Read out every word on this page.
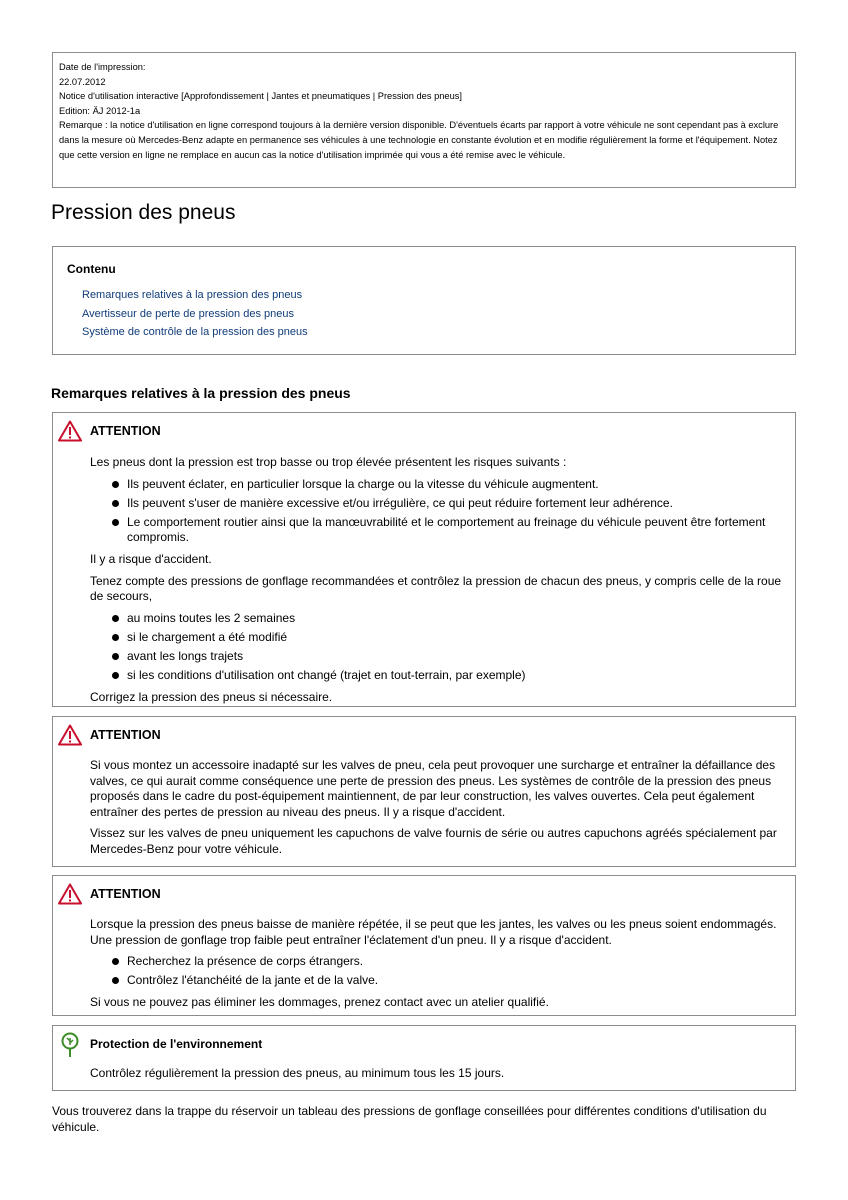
Date de l'impression:

22.07.2012

Notice d'utilisation interactive [Approfondissement | Jantes et pneumatiques | Pression des pneus]

Edition: ÄJ 2012-1a

Remarque : la notice d'utilisation en ligne correspond toujours à la dernière version disponible. D'éventuels écarts par rapport à votre véhicule ne sont cependant pas à exclure dans la mesure où Mercedes-Benz adapte en permanence ses véhicules à une technologie en constante évolution et en modifie régulièrement la forme et l'équipement. Notez que cette version en ligne ne remplace en aucun cas la notice d'utilisation imprimée qui vous a été remise avec le véhicule.

Pression des pneus
Contenu
Remarques relatives à la pression des pneus
Avertisseur de perte de pression des pneus
Système de contrôle de la pression des pneus
Remarques relatives à la pression des pneus
ATTENTION

Les pneus dont la pression est trop basse ou trop élevée présentent les risques suivants :

Ils peuvent éclater, en particulier lorsque la charge ou la vitesse du véhicule augmentent.
Ils peuvent s'user de manière excessive et/ou irrégulière, ce qui peut réduire fortement leur adhérence.
Le comportement routier ainsi que la manœuvrabilité et le comportement au freinage du véhicule peuvent être fortement compromis.

Il y a risque d'accident.

Tenez compte des pressions de gonflage recommandées et contrôlez la pression de chacun des pneus, y compris celle de la roue de secours,

au moins toutes les 2 semaines
si le chargement a été modifié
avant les longs trajets
si les conditions d'utilisation ont changé (trajet en tout-terrain, par exemple)

Corrigez la pression des pneus si nécessaire.

ATTENTION

Si vous montez un accessoire inadapté sur les valves de pneu, cela peut provoquer une surcharge et entraîner la défaillance des valves, ce qui aurait comme conséquence une perte de pression des pneus. Les systèmes de contrôle de la pression des pneus proposés dans le cadre du post-équipement maintiennent, de par leur construction, les valves ouvertes. Cela peut également entraîner des pertes de pression au niveau des pneus. Il y a risque d'accident.

Vissez sur les valves de pneu uniquement les capuchons de valve fournis de série ou autres capuchons agréés spécialement par Mercedes-Benz pour votre véhicule.

ATTENTION

Lorsque la pression des pneus baisse de manière répétée, il se peut que les jantes, les valves ou les pneus soient endommagés. Une pression de gonflage trop faible peut entraîner l'éclatement d'un pneu. Il y a risque d'accident.

Recherchez la présence de corps étrangers.
Contrôlez l'étanchéité de la jante et de la valve.

Si vous ne pouvez pas éliminer les dommages, prenez contact avec un atelier qualifié.

Protection de l'environnement

Contrôlez régulièrement la pression des pneus, au minimum tous les 15 jours.

Vous trouverez dans la trappe du réservoir un tableau des pressions de gonflage conseillées pour différentes conditions d'utilisation du véhicule.
